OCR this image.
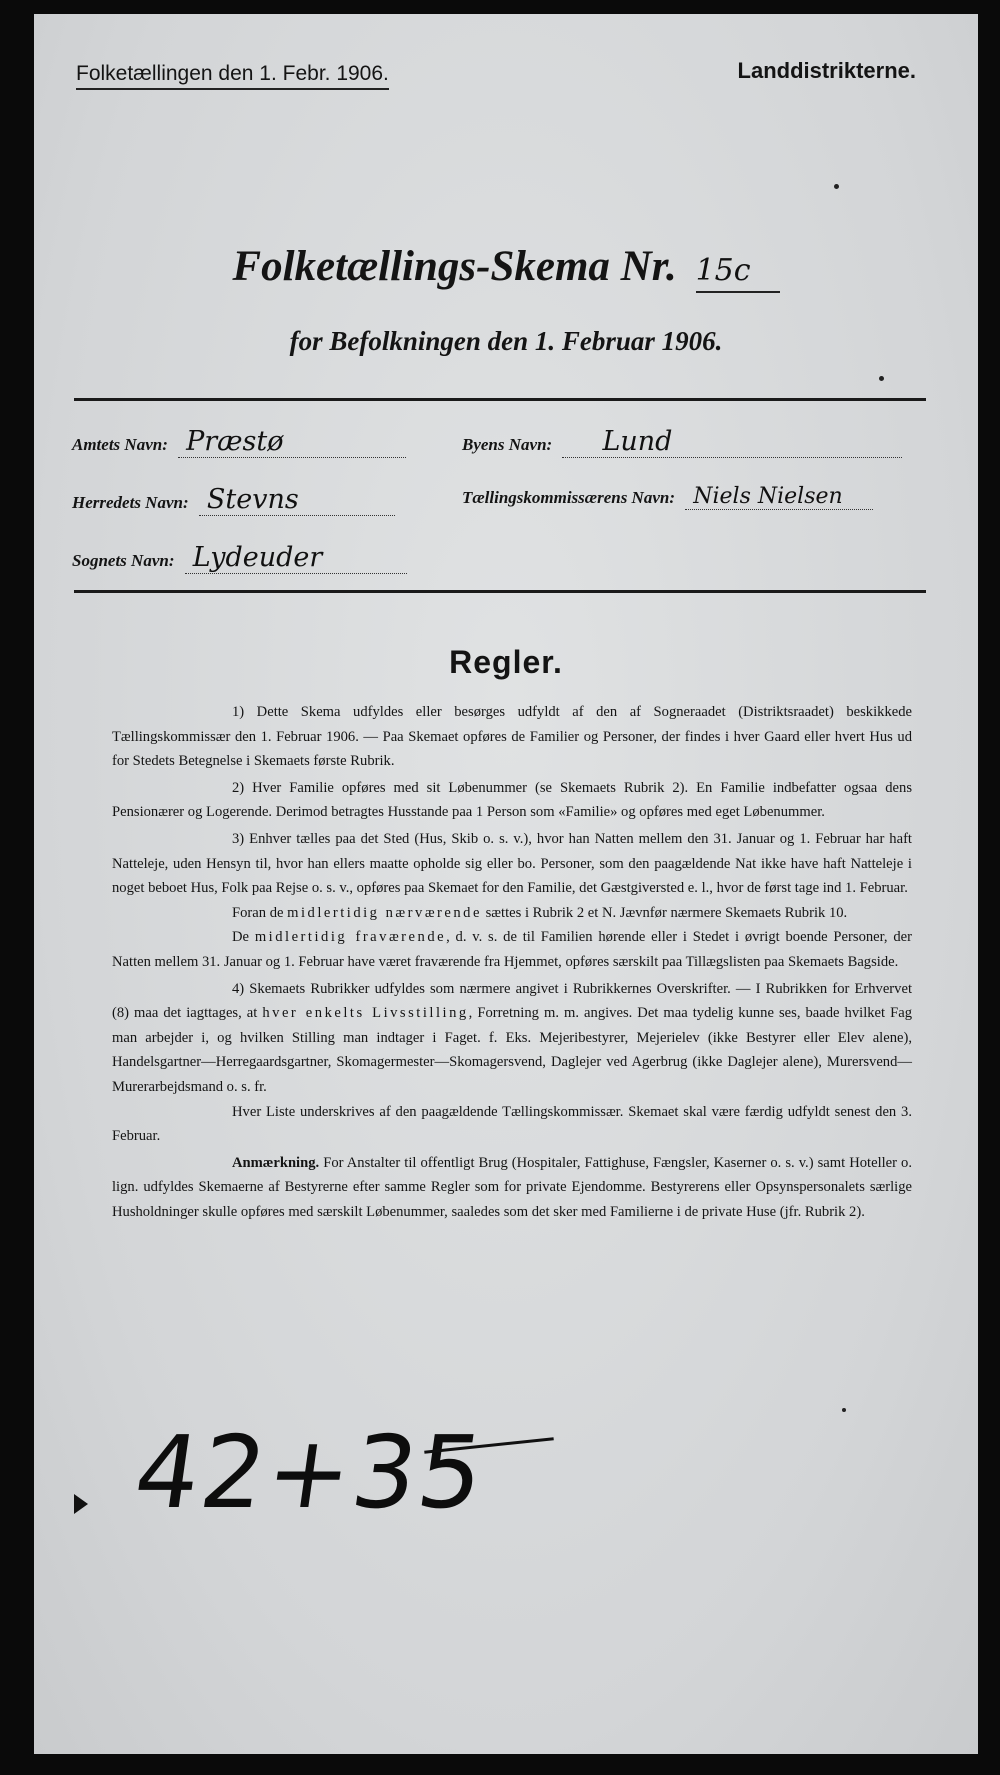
Folketællingen den 1. Febr. 1906.	Landdistrikterne.
Folketællings-Skema Nr. 15c
for Befolkningen den 1. Februar 1906.
Amtets Navn: Præstø	Byens Navn: Lund
Herredets Navn: Stevns	Tællingskommissærens Navn: Niels Nielsen
Sognets Navn: Lydeuder
Regler.

1) Dette Skema udfyldes eller besørges udfyldt af den af Sogneraadet (Distriktsraadet) beskikkede Tællingskommissær den 1. Februar 1906. — Paa Skemaet opføres de Familier og Personer, der findes i hver Gaard eller hvert Hus ud for Stedets Betegnelse i Skemaets første Rubrik.

2) Hver Familie opføres med sit Løbenummer (se Skemaets Rubrik 2). En Familie indbefatter ogsaa dens Pensionærer og Logerende. Derimod betragtes Husstande paa 1 Person som «Familie» og opføres med eget Løbenummer.

3) Enhver tælles paa det Sted (Hus, Skib o. s. v.), hvor han Natten mellem den 31. Januar og 1. Februar har haft Natteleje, uden Hensyn til, hvor han ellers maatte opholde sig eller bo. Personer, som den paagældende Nat ikke have haft Natteleje i noget beboet Hus, Folk paa Rejse o. s. v., opføres paa Skemaet for den Familie, det Gæstgiversted e. l., hvor de først tage ind 1. Februar.

Foran de midlertidig nærværende sættes i Rubrik 2 et N. Jævnfør nærmere Skemaets Rubrik 10.

De midlertidig fraværende, d. v. s. de til Familien hørende eller i Stedet i øvrigt boende Personer, der Natten mellem 31. Januar og 1. Februar have været fraværende fra Hjemmet, opføres særskilt paa Tillægslisten paa Skemaets Bagside.

4) Skemaets Rubrikker udfyldes som nærmere angivet i Rubrikkernes Overskrifter. — I Rubrikken for Erhvervet (8) maa det iagttages, at hver enkelts Livsstilling, Forretning m. m. angives. Det maa tydelig kunne ses, baade hvilket Fag man arbejder i, og hvilken Stilling man indtager i Faget. f. Eks. Mejeribestyrer, Mejerielev (ikke Bestyrer eller Elev alene), Handelsgartner—Herregaardsgartner, Skomagermester—Skomagersvend, Daglejer ved Agerbrug (ikke Daglejer alene), Murersvend—Murerarbejdsmand o. s. fr.

Hver Liste underskrives af den paagældende Tællingskommissær. Skemaet skal være færdig udfyldt senest den 3. Februar.

Anmærkning. For Anstalter til offentligt Brug (Hospitaler, Fattighuse, Fængsler, Kaserner o. s. v.) samt Hoteller o. lign. udfyldes Skemaerne af Bestyrerne efter samme Regler som for private Ejendomme. Bestyrerens eller Opsynspersonalets særlige Husholdninger skulle opføres med særskilt Løbenummer, saaledes som det sker med Familierne i de private Huse (jfr. Rubrik 2).

42+35
